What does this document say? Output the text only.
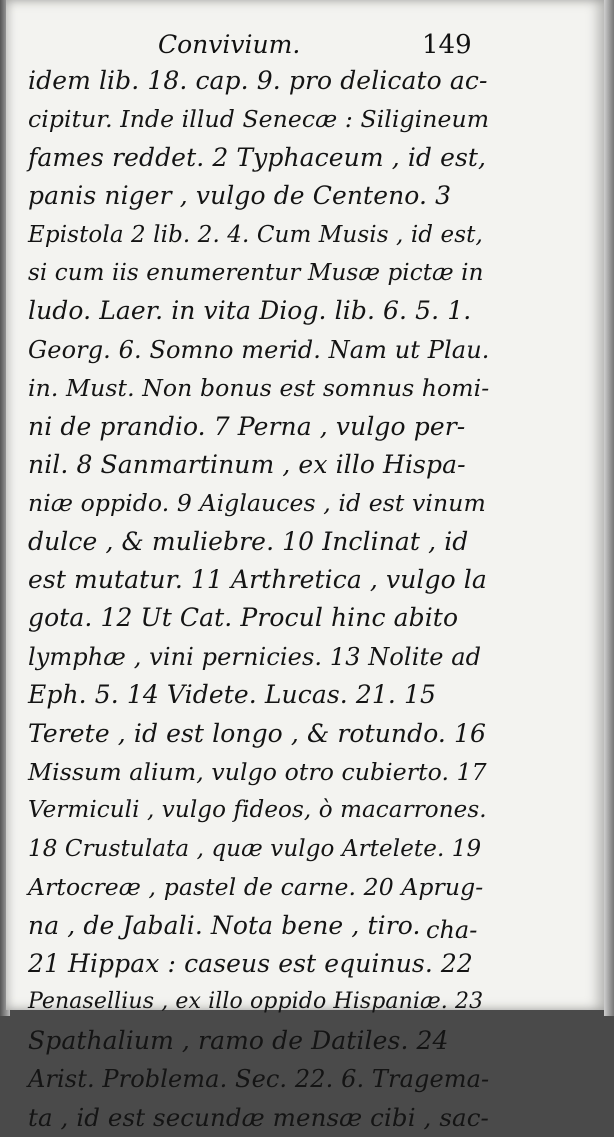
Convivium.	149
idem lib. 18. cap. 9. pro delicato ac-
cipitur. Inde illud Senecæ : Siligineum
fames reddet. 2 Typhaceum , id est,
panis niger , vulgo de Centeno. 3
Epistola 2 lib. 2. 4. Cum Musis , id est,
si cum iis enumerentur Musæ pictæ in
ludo. Laer. in vita Diog. lib. 6. 5. 1.
Georg. 6. Somno merid. Nam ut Plau.
in. Must. Non bonus est somnus homi-
ni de prandio. 7 Perna , vulgo per-
nil. 8 Sanmartinum , ex illo Hispa-
niæ oppido. 9 Aiglauces , id est vinum
dulce , & muliebre. 10 Inclinat , id
est mutatur. 11 Arthretica , vulgo la
gota. 12 Ut Cat. Procul hinc abito
lymphæ , vini pernicies. 13 Nolite ad
Eph. 5. 14 Videte. Lucas. 21. 15
Terete , id est longo , & rotundo. 16
Missum alium, vulgo otro cubierto. 17
Vermiculi , vulgo fideos, ò macarrones.
18 Crustulata , quæ vulgo Artelete. 19
Artocreæ , pastel de carne. 20 Aprug-
na , de Jabali. Nota bene , tiro.
21 Hippax : caseus est equinus. 22
Penasellius , ex illo oppido Hispaniæ. 23
Spathalium , ramo de Datiles. 24
Arist. Problema. Sec. 22. 6. Tragema-
ta , id est secundæ mensæ cibi , sac-
cha-
